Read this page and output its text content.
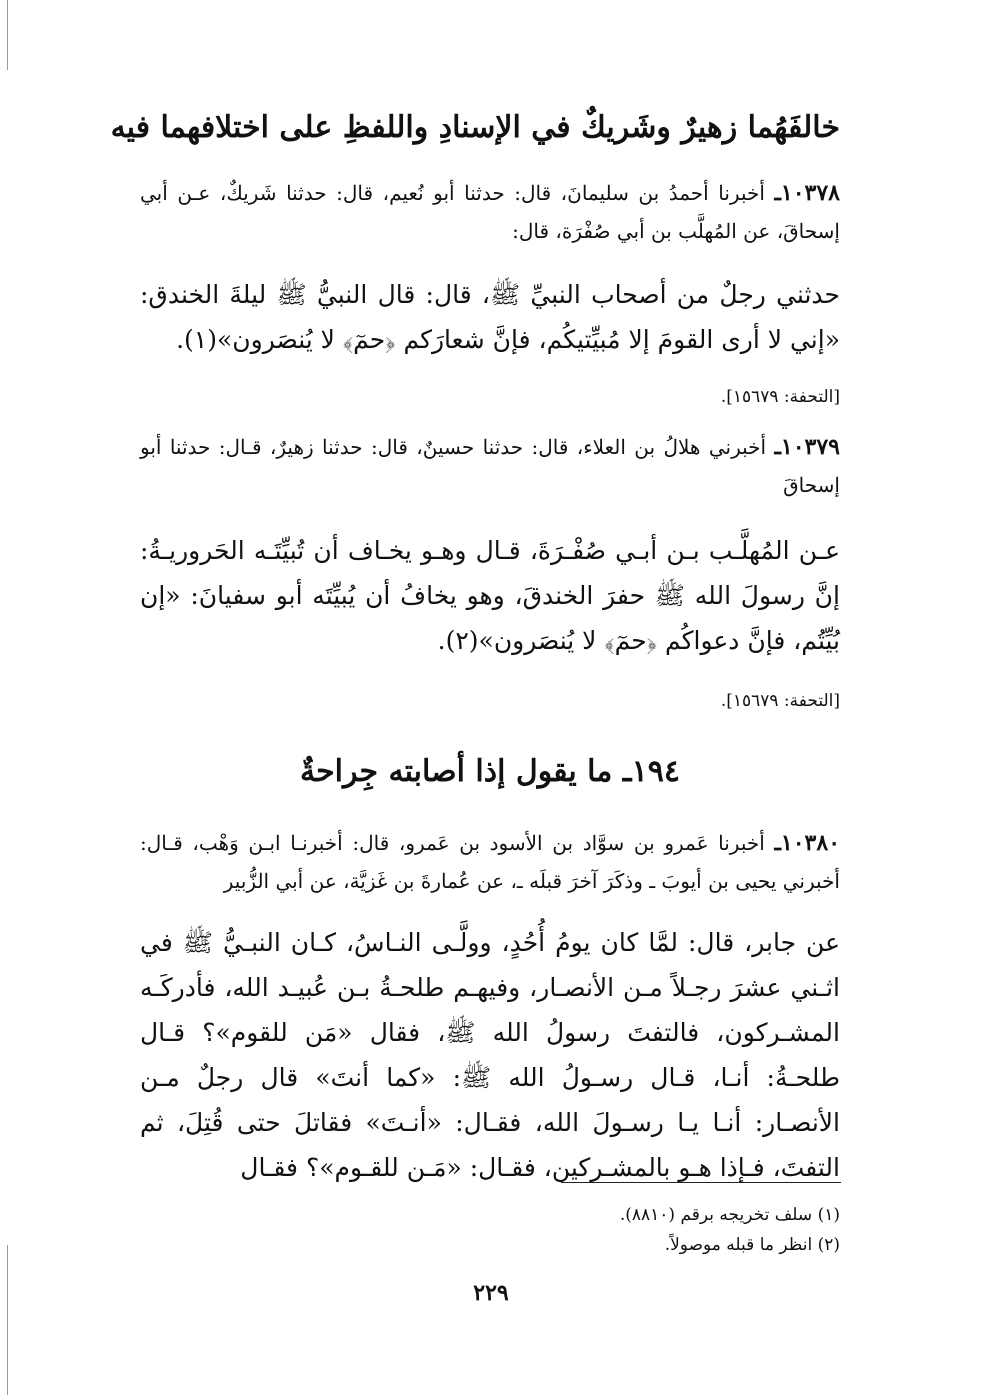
خالفَهُما زهيرٌ وشَريكٌ في الإسنادِ واللفظِ على اختلافهما فيه
١٠٣٧٨ـ أخبرنا أحمدُ بن سليمانَ، قال: حدثنا أبو نُعيم، قال: حدثنا شَريكٌ، عـن أبي إسحاقَ، عن المُهلَّب بن أبي صُفْرَة، قال:
حدثني رجلٌ من أصحاب النبيِّ ﷺ، قال: قال النبيُّ ﷺ ليلةَ الخندق: «إني لا أرى القومَ إلا مُبيِّتيكُم، فإنَّ شعارَكم ﴿حمٓ﴾ لا يُنصَرون»(١).
[التحفة: ١٥٦٧٩].
١٠٣٧٩ـ أخبرني هلالُ بن العلاء، قال: حدثنا حسينٌ، قال: حدثنا زهيرٌ، قـال: حدثنا أبو إسحاقَ
عـن المُهلَّـب بـن أبـي صُفْـرَةَ، قـال وهـو يخـاف أن تُبيِّتَـه الحَروريـةُ: إنَّ رسولَ الله ﷺ حفرَ الخندقَ، وهو يخافُ أن يُبيِّتَه أبو سفيانَ: «إن بُيِّتُم، فإنَّ دعواكُم ﴿حمٓ﴾ لا يُنصَرون»(٢).
[التحفة: ١٥٦٧٩].
١٩٤ـ ما يقول إذا أصابته جِراحةٌ
١٠٣٨٠ـ أخبرنا عَمرو بن سوَّاد بن الأسود بن عَمرو، قال: أخبرنـا ابـن وَهْب، قـال: أخبرني يحيى بن أيوبَ ـ وذكَرَ آخرَ قبلَه ـ، عن عُمارةَ بن غَزيَّة، عن أبي الزُّبير
عن جابر، قال: لمَّا كان يومُ أُحُدٍ، وولَّـى النـاسُ، كـان النبـيُّ ﷺ في اثـني عشرَ رجـلاً مـن الأنصـار، وفيهـم طلحـةُ بـن عُبيـد الله، فأدركَـه المشـركون، فالتفتَ رسولُ الله ﷺ، فقال «مَن للقوم»؟ قـال طلحـةُ: أنـا، قـال رسـولُ الله ﷺ: «كما أنتَ» قال رجلٌ مـن الأنصـار: أنـا يـا رسـولَ الله، فقـال: «أنـتَ» فقاتلَ حتى قُتِلَ، ثم التفتَ، فـإذا هـو بالمشـركين، فقـال: «مَـن للقـوم»؟ فقـال
(١) سلف تخريجه برقم (٨٨١٠).
(٢) انظر ما قبله موصولاً.
٢٢٩
